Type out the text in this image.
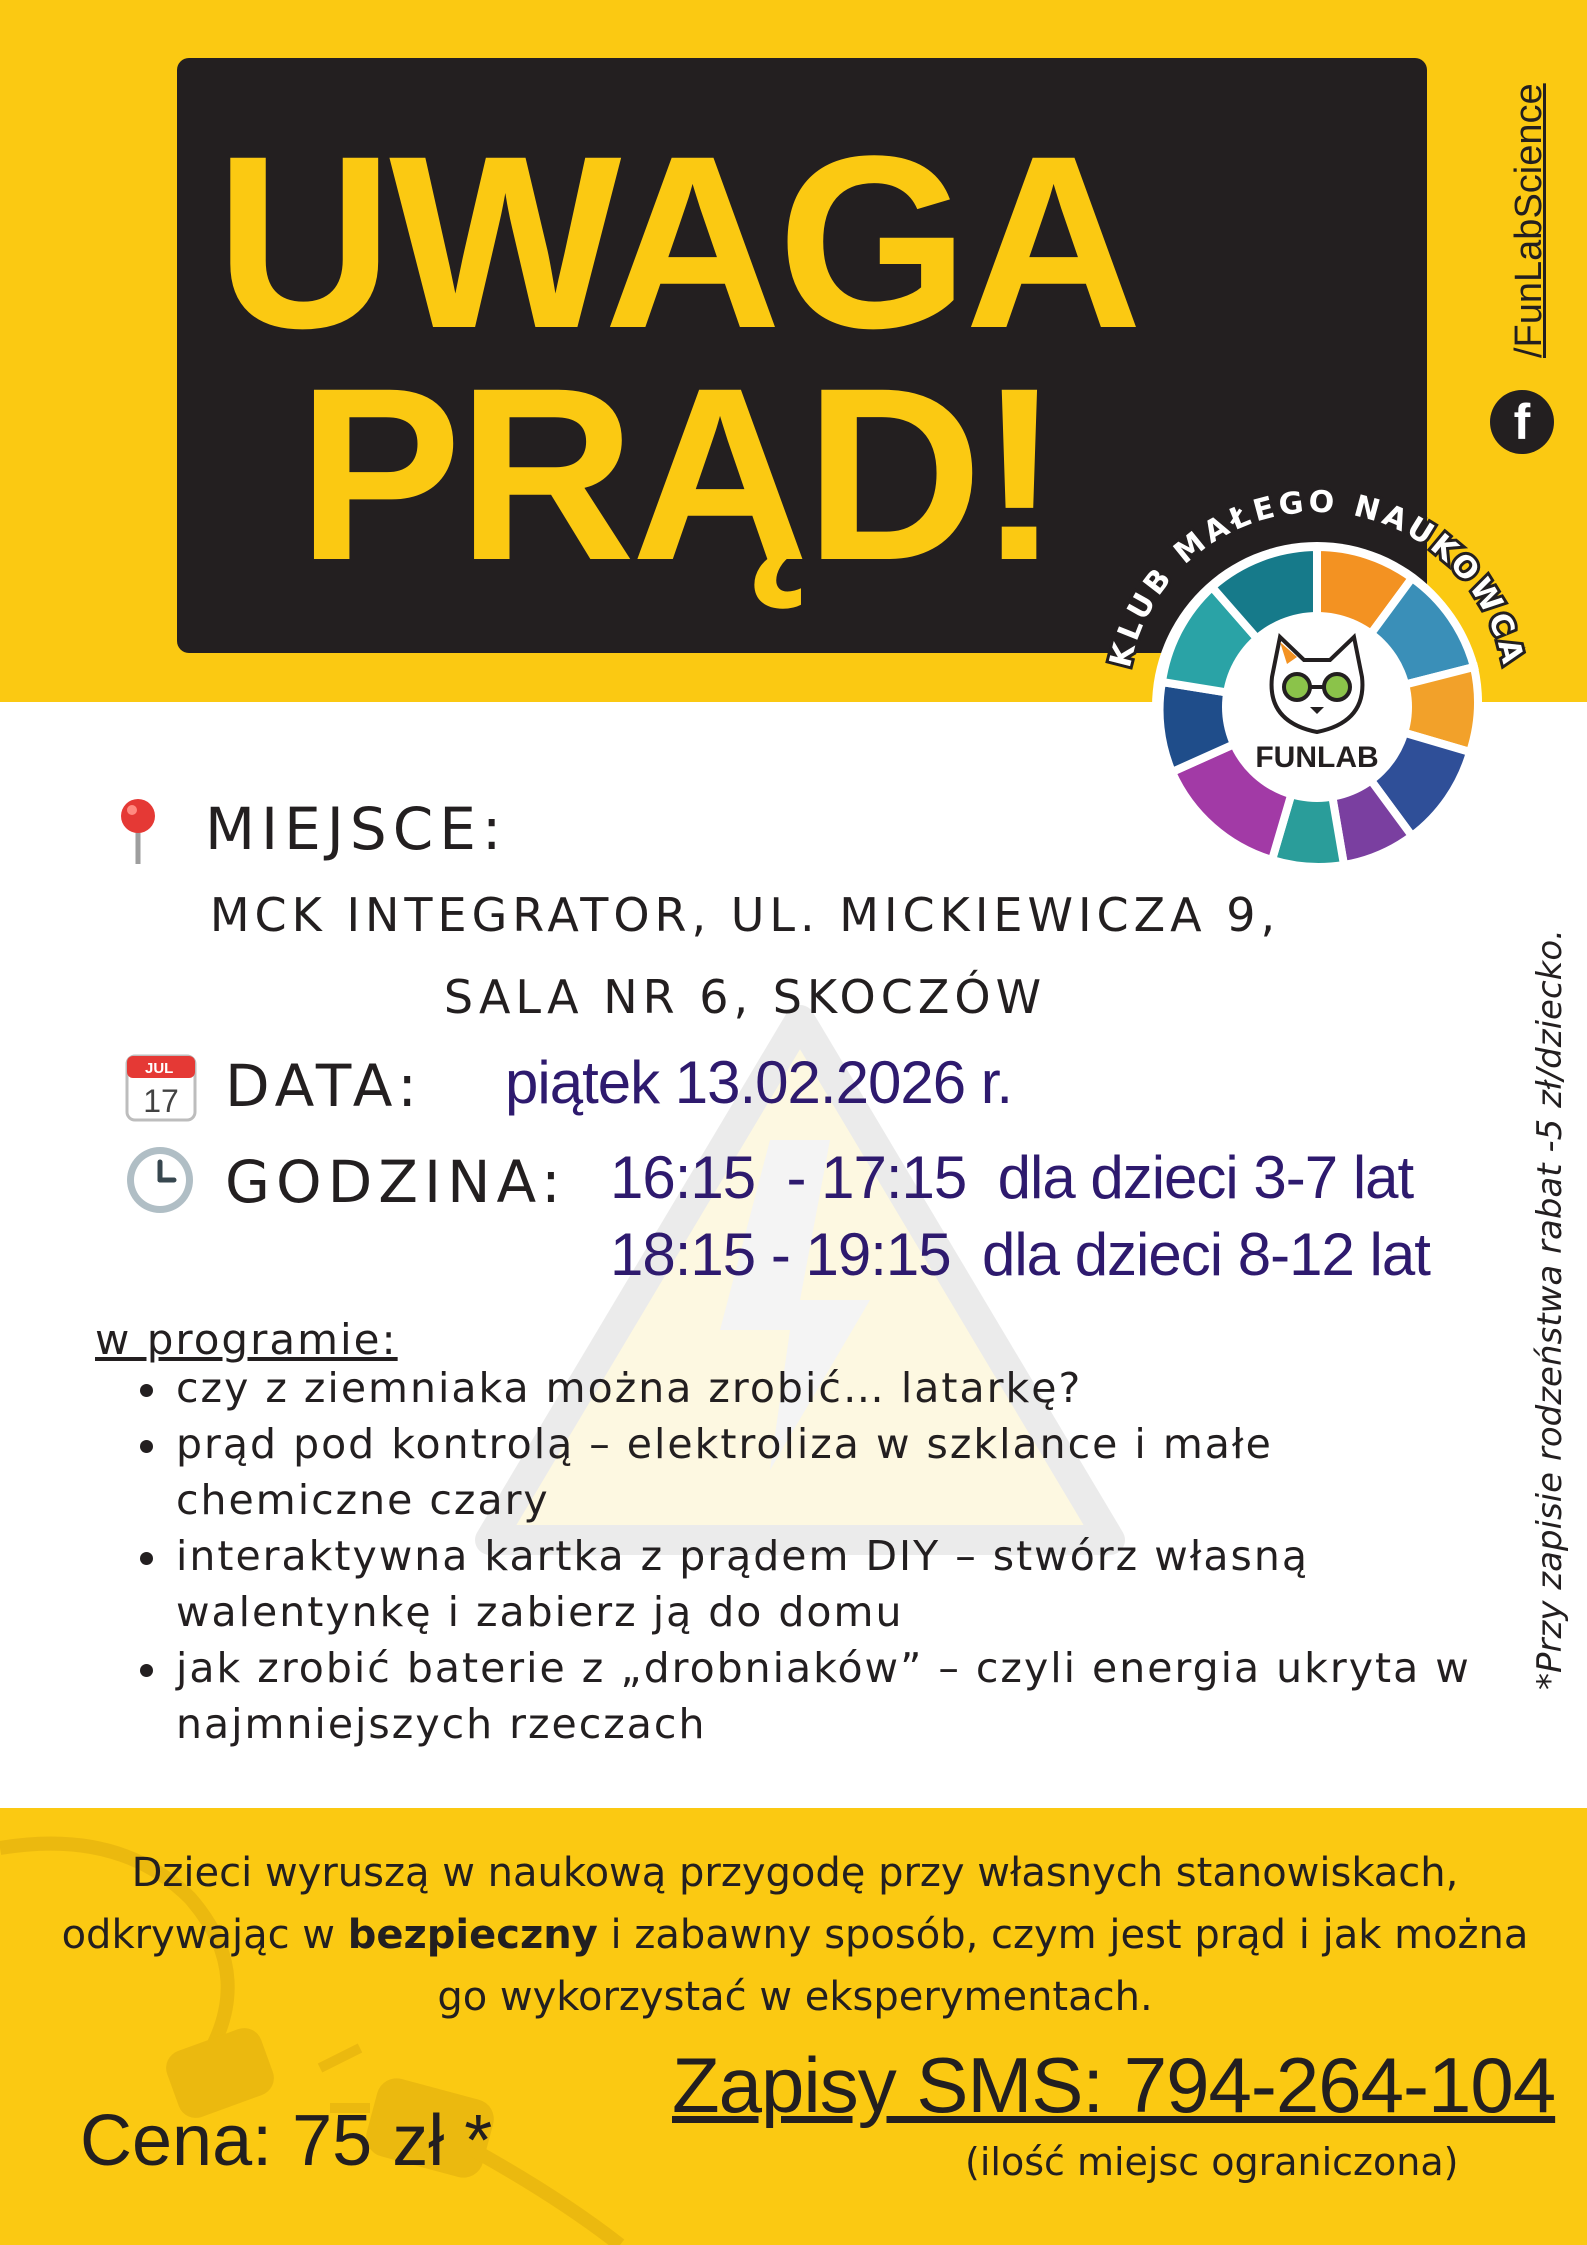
UWAGA
PRĄD!
/FunLabScience
f
FUNLAB
KLUB MAŁEGO NAUKOWCA
MIEJSCE:
MCK INTEGRATOR, UL. MICKIEWICZA 9,
SALA NR 6, SKOCZÓW
JUL
17 DATA: piątek 13.02.2026 r.
GODZINA: 16:15  - 17:15  dla dzieci 3-7 lat
18:15 - 19:15  dla dzieci 8-12 lat
w programie:
czy z ziemniaka można zrobić… latarkę?
prąd pod kontrolą – elektroliza w szklance i małe chemiczne czary
interaktywna kartka z prądem DIY – stwórz własną walentynkę i zabierz ją do domu
jak zrobić baterie z „drobniaków” – czyli energia ukryta w najmniejszych rzeczach
*Przy zapisie rodzeństwa rabat -5 zł/dziecko.
Dzieci wyruszą w naukową przygodę przy własnych stanowiskach, odkrywając w bezpieczny i zabawny sposób, czym jest prąd i jak można go wykorzystać w eksperymentach.
Zapisy SMS: 794-264-104
(ilość miejsc ograniczona)
Cena: 75 zł *
